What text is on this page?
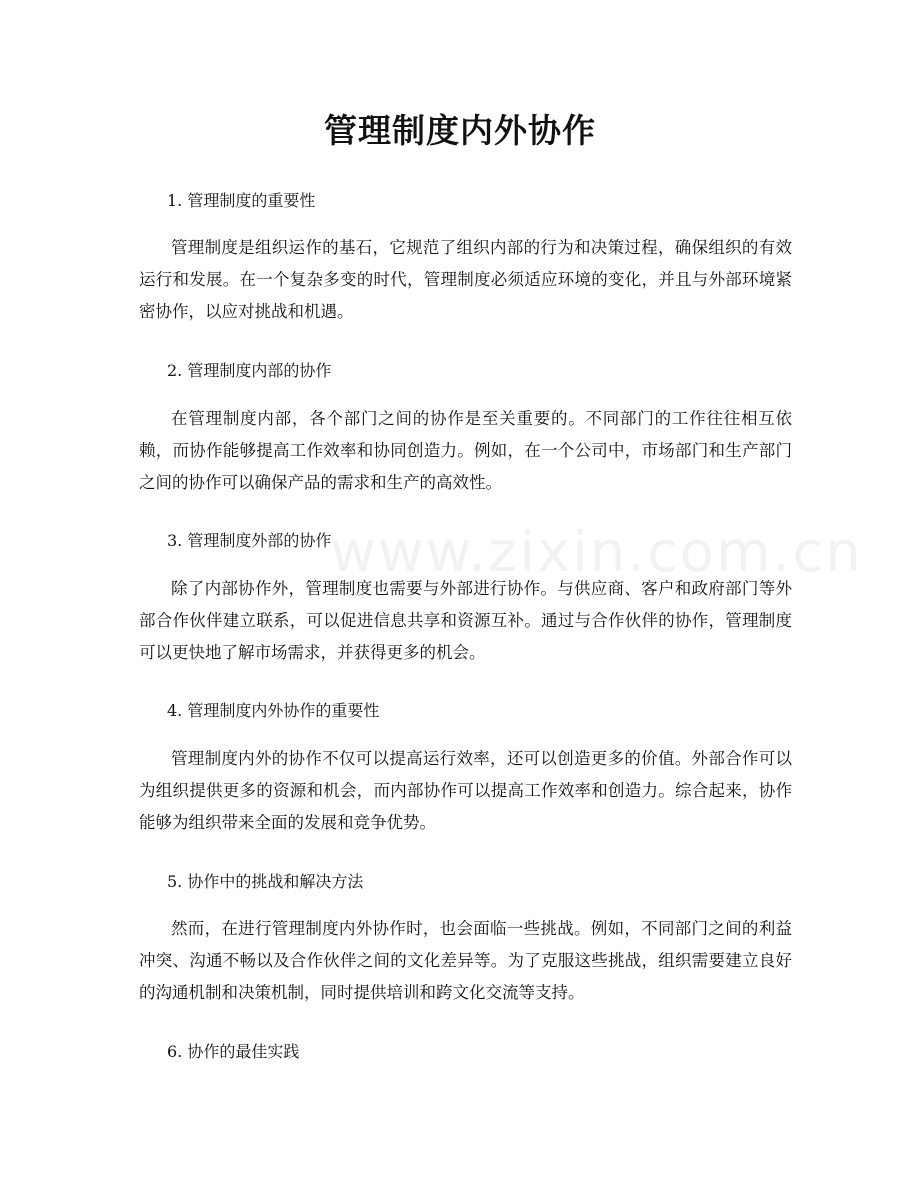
www.zixin.com.cn
管理制度内外协作
1. 管理制度的重要性
管理制度是组织运作的基石，它规范了组织内部的行为和决策过程，确保组织的有效运行和发展。在一个复杂多变的时代，管理制度必须适应环境的变化，并且与外部环境紧密协作，以应对挑战和机遇。
2. 管理制度内部的协作
在管理制度内部，各个部门之间的协作是至关重要的。不同部门的工作往往相互依赖，而协作能够提高工作效率和协同创造力。例如，在一个公司中，市场部门和生产部门之间的协作可以确保产品的需求和生产的高效性。
3. 管理制度外部的协作
除了内部协作外，管理制度也需要与外部进行协作。与供应商、客户和政府部门等外部合作伙伴建立联系，可以促进信息共享和资源互补。通过与合作伙伴的协作，管理制度可以更快地了解市场需求，并获得更多的机会。
4. 管理制度内外协作的重要性
管理制度内外的协作不仅可以提高运行效率，还可以创造更多的价值。外部合作可以为组织提供更多的资源和机会，而内部协作可以提高工作效率和创造力。综合起来，协作能够为组织带来全面的发展和竞争优势。
5. 协作中的挑战和解决方法
然而，在进行管理制度内外协作时，也会面临一些挑战。例如，不同部门之间的利益冲突、沟通不畅以及合作伙伴之间的文化差异等。为了克服这些挑战，组织需要建立良好的沟通机制和决策机制，同时提供培训和跨文化交流等支持。
6. 协作的最佳实践
